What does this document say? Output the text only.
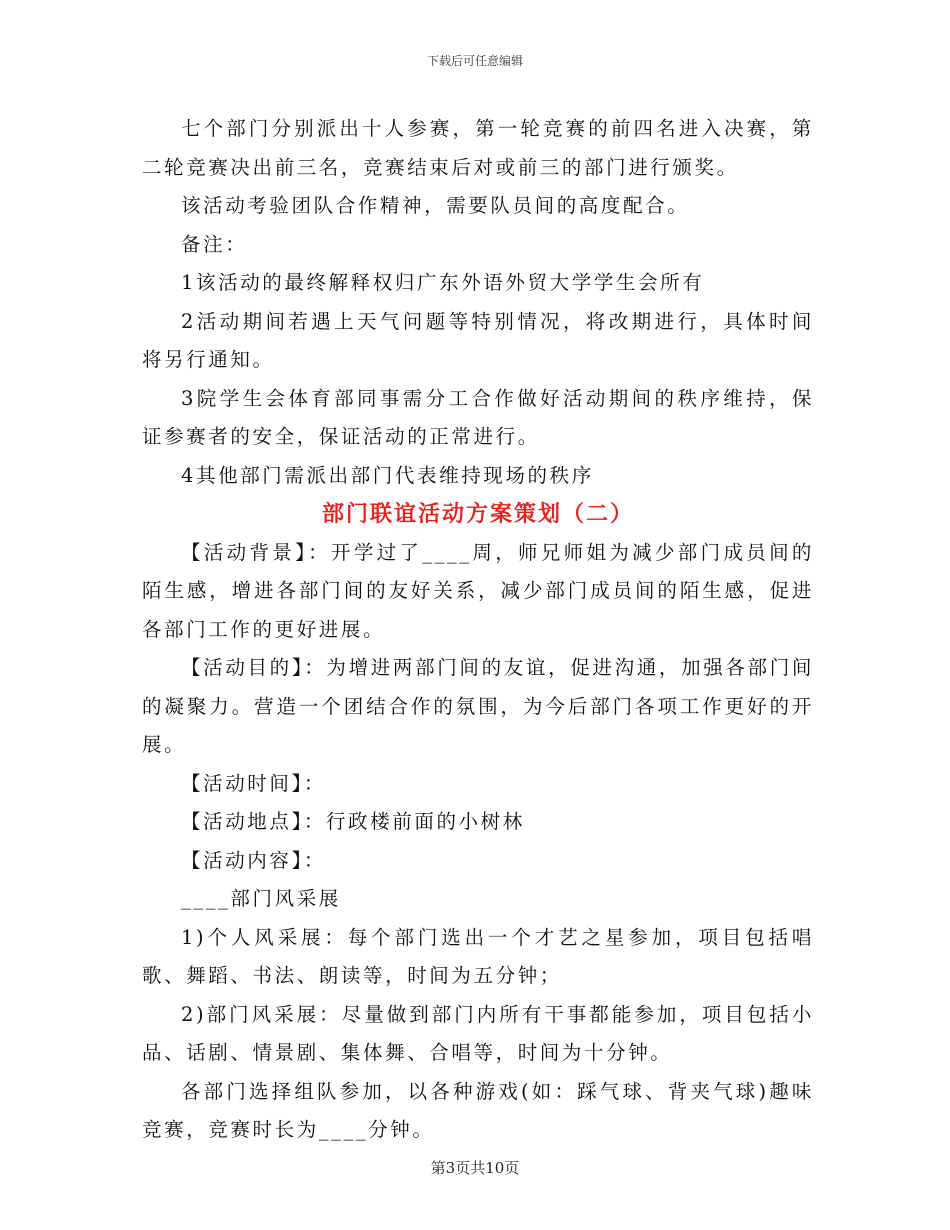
下载后可任意编辑

七个部门分别派出十人参赛，第一轮竞赛的前四名进入决赛，第二轮竞赛决出前三名，竞赛结束后对或前三的部门进行颁奖。

该活动考验团队合作精神，需要队员间的高度配合。

备注：

1该活动的最终解释权归广东外语外贸大学学生会所有

2活动期间若遇上天气问题等特别情况，将改期进行，具体时间将另行通知。

3院学生会体育部同事需分工合作做好活动期间的秩序维持，保证参赛者的安全，保证活动的正常进行。

4其他部门需派出部门代表维持现场的秩序

部门联谊活动方案策划（二）

【活动背景】：开学过了____周，师兄师姐为减少部门成员间的陌生感，增进各部门间的友好关系，减少部门成员间的陌生感，促进各部门工作的更好进展。

【活动目的】：为增进两部门间的友谊，促进沟通，加强各部门间的凝聚力。营造一个团结合作的氛围，为今后部门各项工作更好的开展。

【活动时间】：

【活动地点】：行政楼前面的小树林

【活动内容】：

____部门风采展

1)个人风采展：每个部门选出一个才艺之星参加，项目包括唱歌、舞蹈、书法、朗读等，时间为五分钟；

2)部门风采展：尽量做到部门内所有干事都能参加，项目包括小品、话剧、情景剧、集体舞、合唱等，时间为十分钟。

各部门选择组队参加，以各种游戏(如：踩气球、背夹气球)趣味竞赛，竞赛时长为____分钟。

第3页共10页
